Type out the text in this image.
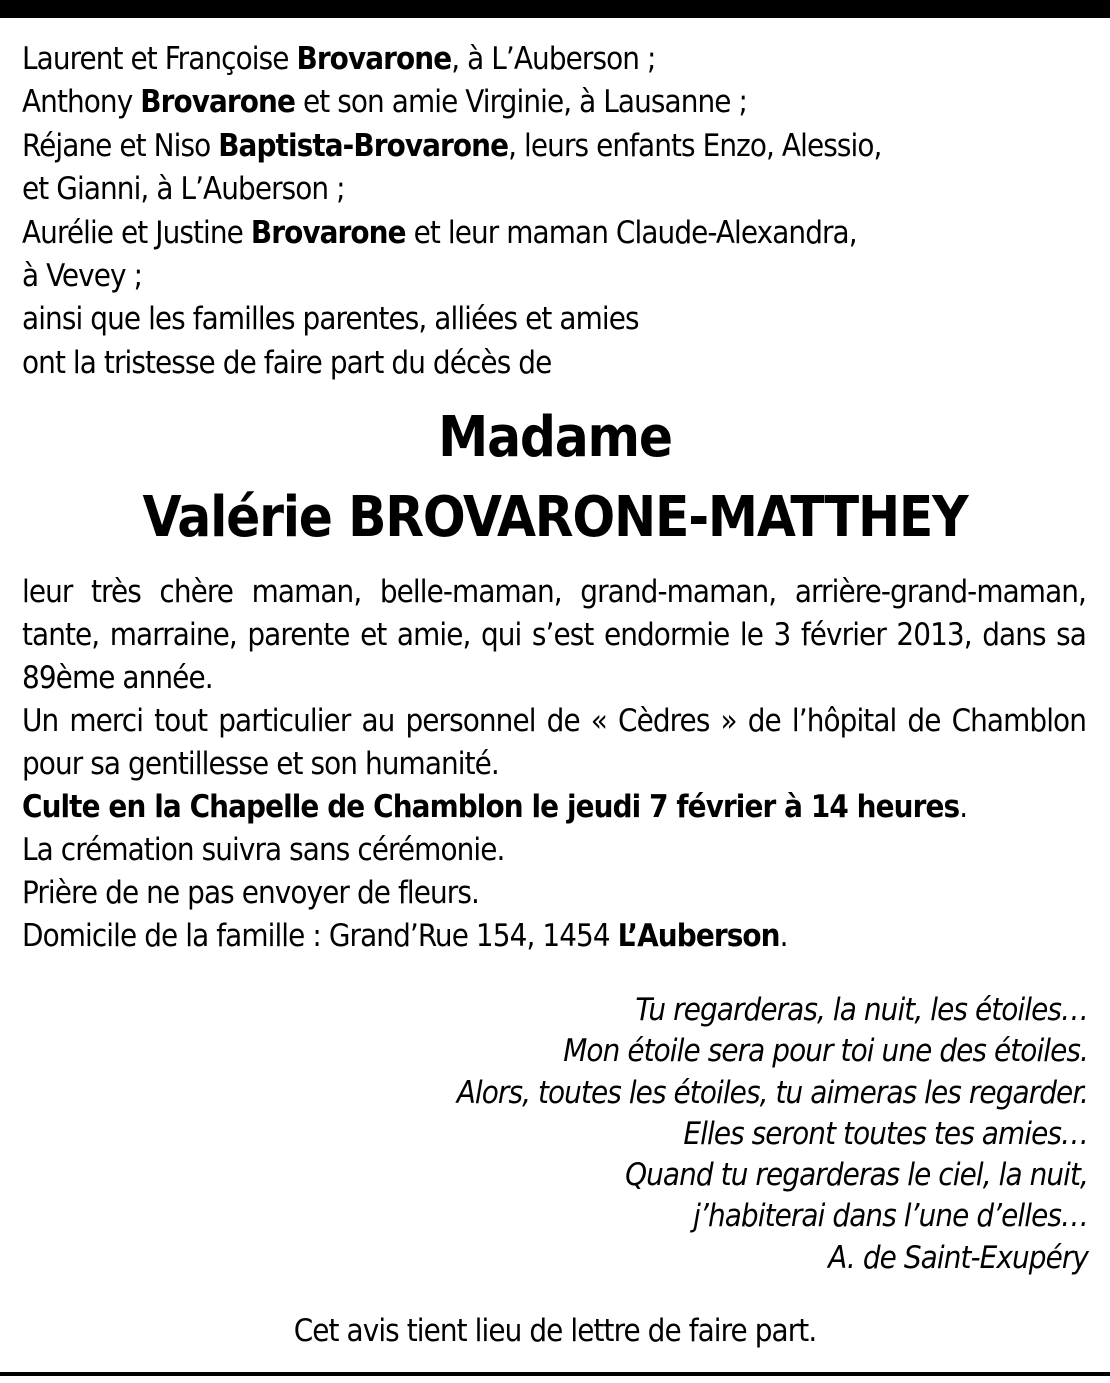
Laurent et Françoise Brovarone, à L’Auberson ;
Anthony Brovarone et son amie Virginie, à Lausanne ;
Réjane et Niso Baptista-Brovarone, leurs enfants Enzo, Alessio,
et Gianni, à L’Auberson ;
Aurélie et Justine Brovarone et leur maman Claude-Alexandra,
à Vevey ;
ainsi que les familles parentes, alliées et amies
ont la tristesse de faire part du décès de
Madame
Valérie BROVARONE-MATTHEY
leur très chère maman, belle-maman, grand-maman, arrière-grand-maman, tante, marraine, parente et amie, qui s’est endormie le 3 février 2013, dans sa 89ème année.
Un merci tout particulier au personnel de « Cèdres » de l’hôpital de Chamblon pour sa gentillesse et son humanité.
Culte en la Chapelle de Chamblon le jeudi 7 février à 14 heures.
La crémation suivra sans cérémonie.
Prière de ne pas envoyer de fleurs.
Domicile de la famille : Grand’Rue 154, 1454 L’Auberson.
Tu regarderas, la nuit, les étoiles…
Mon étoile sera pour toi une des étoiles.
Alors, toutes les étoiles, tu aimeras les regarder.
Elles seront toutes tes amies…
Quand tu regarderas le ciel, la nuit,
j’habiterai dans l’une d’elles…
A. de Saint-Exupéry
Cet avis tient lieu de lettre de faire part.
